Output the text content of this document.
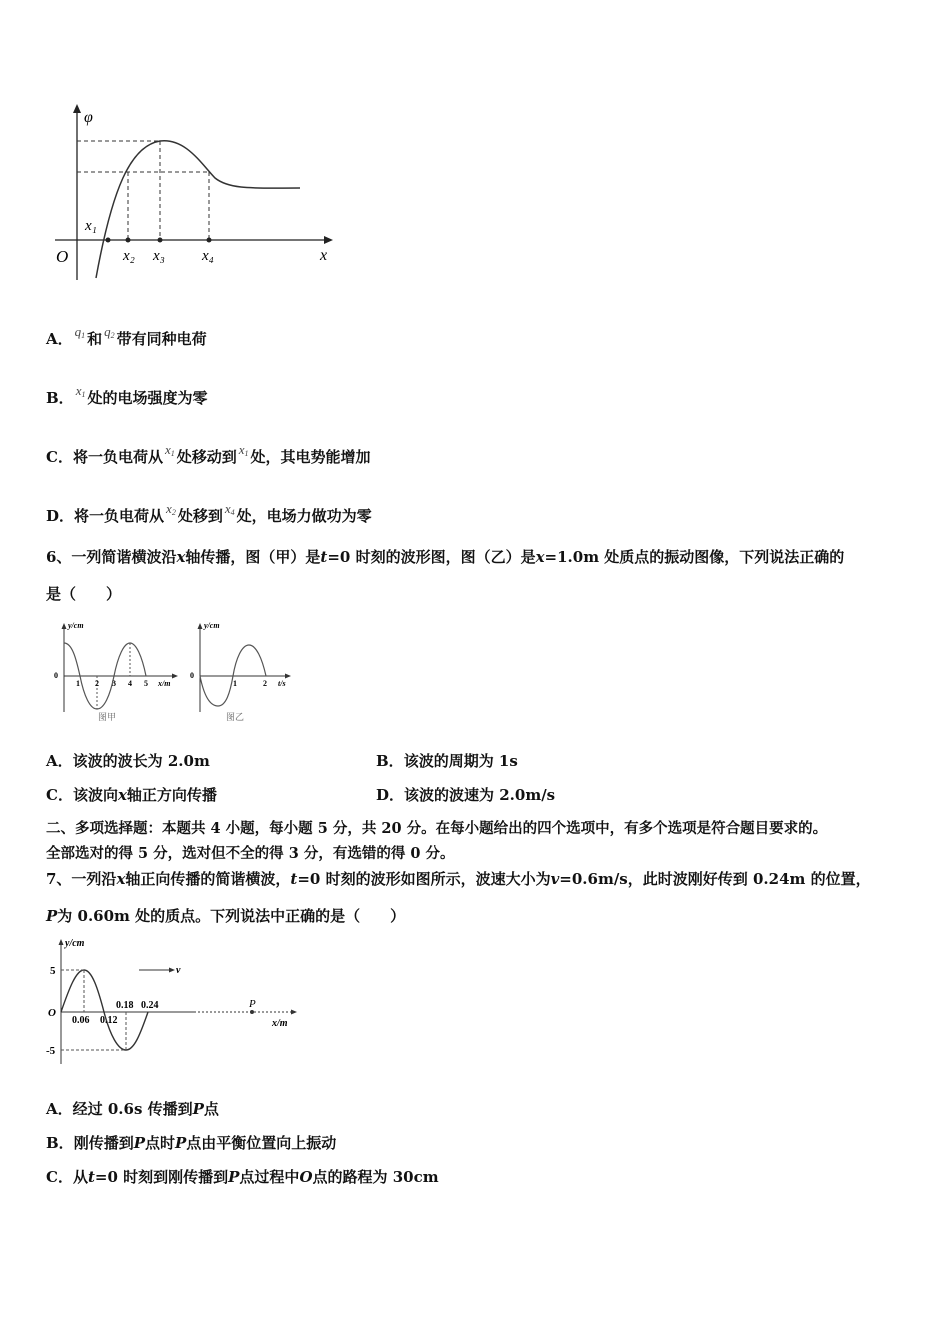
φ
x
O
x₁
x₂ x₃ x₄
A． $q_1$ 和 $q_2$ 带有同种电荷
B． $x_1$ 处的电场强度为零
C．将一负电荷从 $x_1$ 处移动到 $x_1$ 处，其电势能增加
D．将一负电荷从 $x_2$ 处移到 $x_4$ 处，电场力做功为零
6、一列简谐横波沿x轴传播，图（甲）是t=0 时刻的波形图，图（乙）是x=1.0m 处质点的振动图像，下列说法正确的
是（　　）
y/cm
0
1 2 3 4 5 x/m
图甲
y/cm
0
1	2 t/s
图乙
A．该波的波长为 2.0m	B．该波的周期为 1s
C．该波向x轴正方向传播	D．该波的波速为 2.0m/s
二、多项选择题：本题共 4 小题，每小题 5 分，共 20 分。在每小题给出的四个选项中，有多个选项是符合题目要求的。
全部选对的得 5 分，选对但不全的得 3 分，有选错的得 0 分。
7、一列沿x轴正向传播的简谐横波，t=0 时刻的波形如图所示，波速大小为v=0.6m/s，此时波刚好传到 0.24m 的位置，
P为 0.60m 处的质点。下列说法中正确的是（　　）
y/cm
5
O
-5
v
0.06 0.12
0.18 0.24	P
x/m
A．经过 0.6s 传播到P点
B．刚传播到P点时P点由平衡位置向上振动
C．从t=0 时刻到刚传播到P点过程中O点的路程为 30cm
